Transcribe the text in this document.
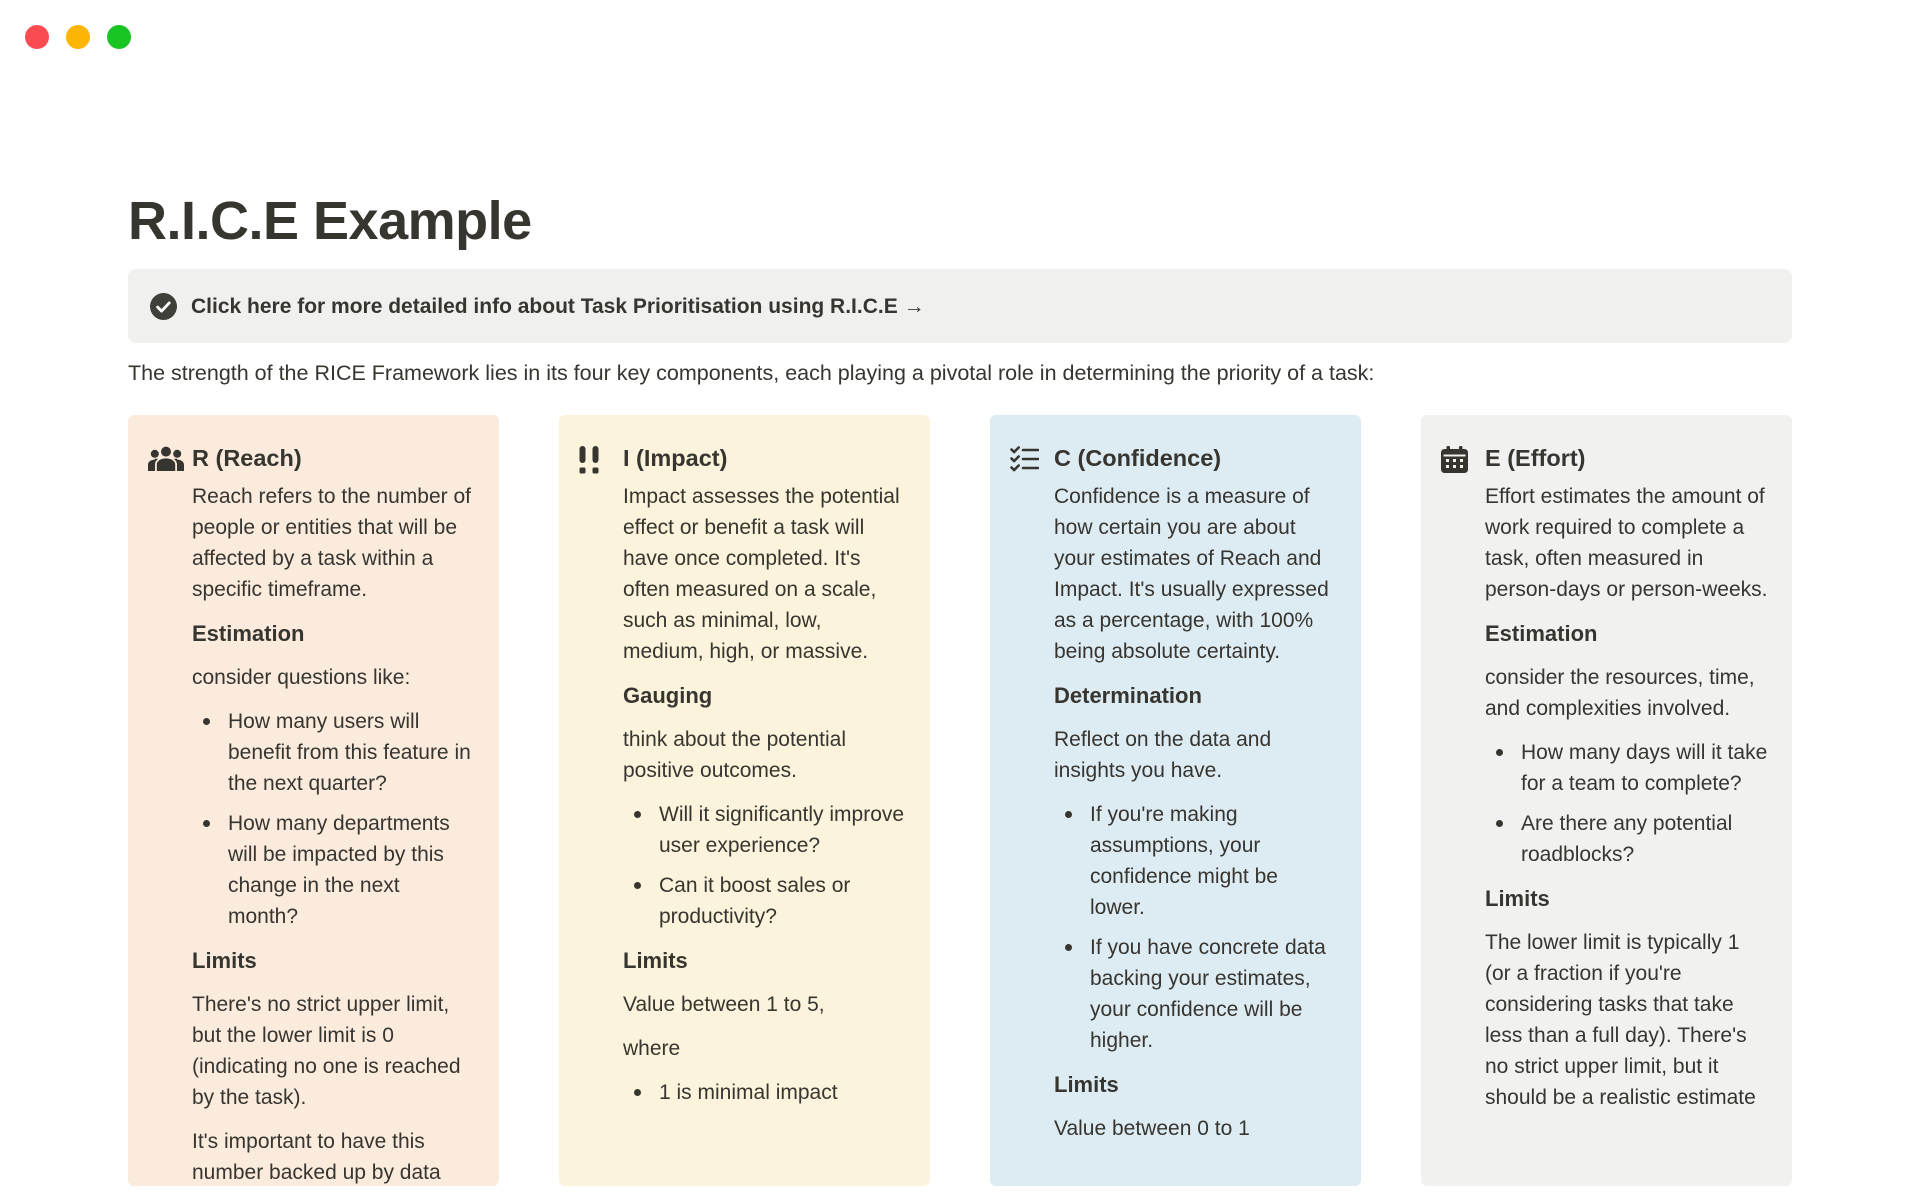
R.I.C.E Example
Click here for more detailed info about Task Prioritisation using R.I.C.E →

The strength of the RICE Framework lies in its four key components, each playing a pivotal role in determining the priority of a task:

R (Reach)

Reach refers to the number of people or entities that will be affected by a task within a specific timeframe.

Estimation

consider questions like:

How many users will benefit from this feature in the next quarter?
How many departments will be impacted by this change in the next month?
Limits

There's no strict upper limit, but the lower limit is 0 (indicating no one is reached by the task).

It's important to have this number backed up by data

I (Impact)

Impact assesses the potential effect or benefit a task will have once completed. It's often measured on a scale, such as minimal, low, medium, high, or massive.

Gauging

think about the potential positive outcomes.

Will it significantly improve user experience?
Can it boost sales or productivity?
Limits

Value between 1 to 5,

where

1 is minimal impact
C (Confidence)

Confidence is a measure of how certain you are about your estimates of Reach and Impact. It's usually expressed as a percentage, with 100% being absolute certainty.

Determination

Reflect on the data and insights you have.

If you're making assumptions, your confidence might be lower.
If you have concrete data backing your estimates, your confidence will be higher.
Limits

Value between 0 to 1

E (Effort)

Effort estimates the amount of work required to complete a task, often measured in person-days or person-weeks.

Estimation

consider the resources, time, and complexities involved.

How many days will it take for a team to complete?
Are there any potential roadblocks?
Limits

The lower limit is typically 1 (or a fraction if you're considering tasks that take less than a full day). There's no strict upper limit, but it should be a realistic estimate
